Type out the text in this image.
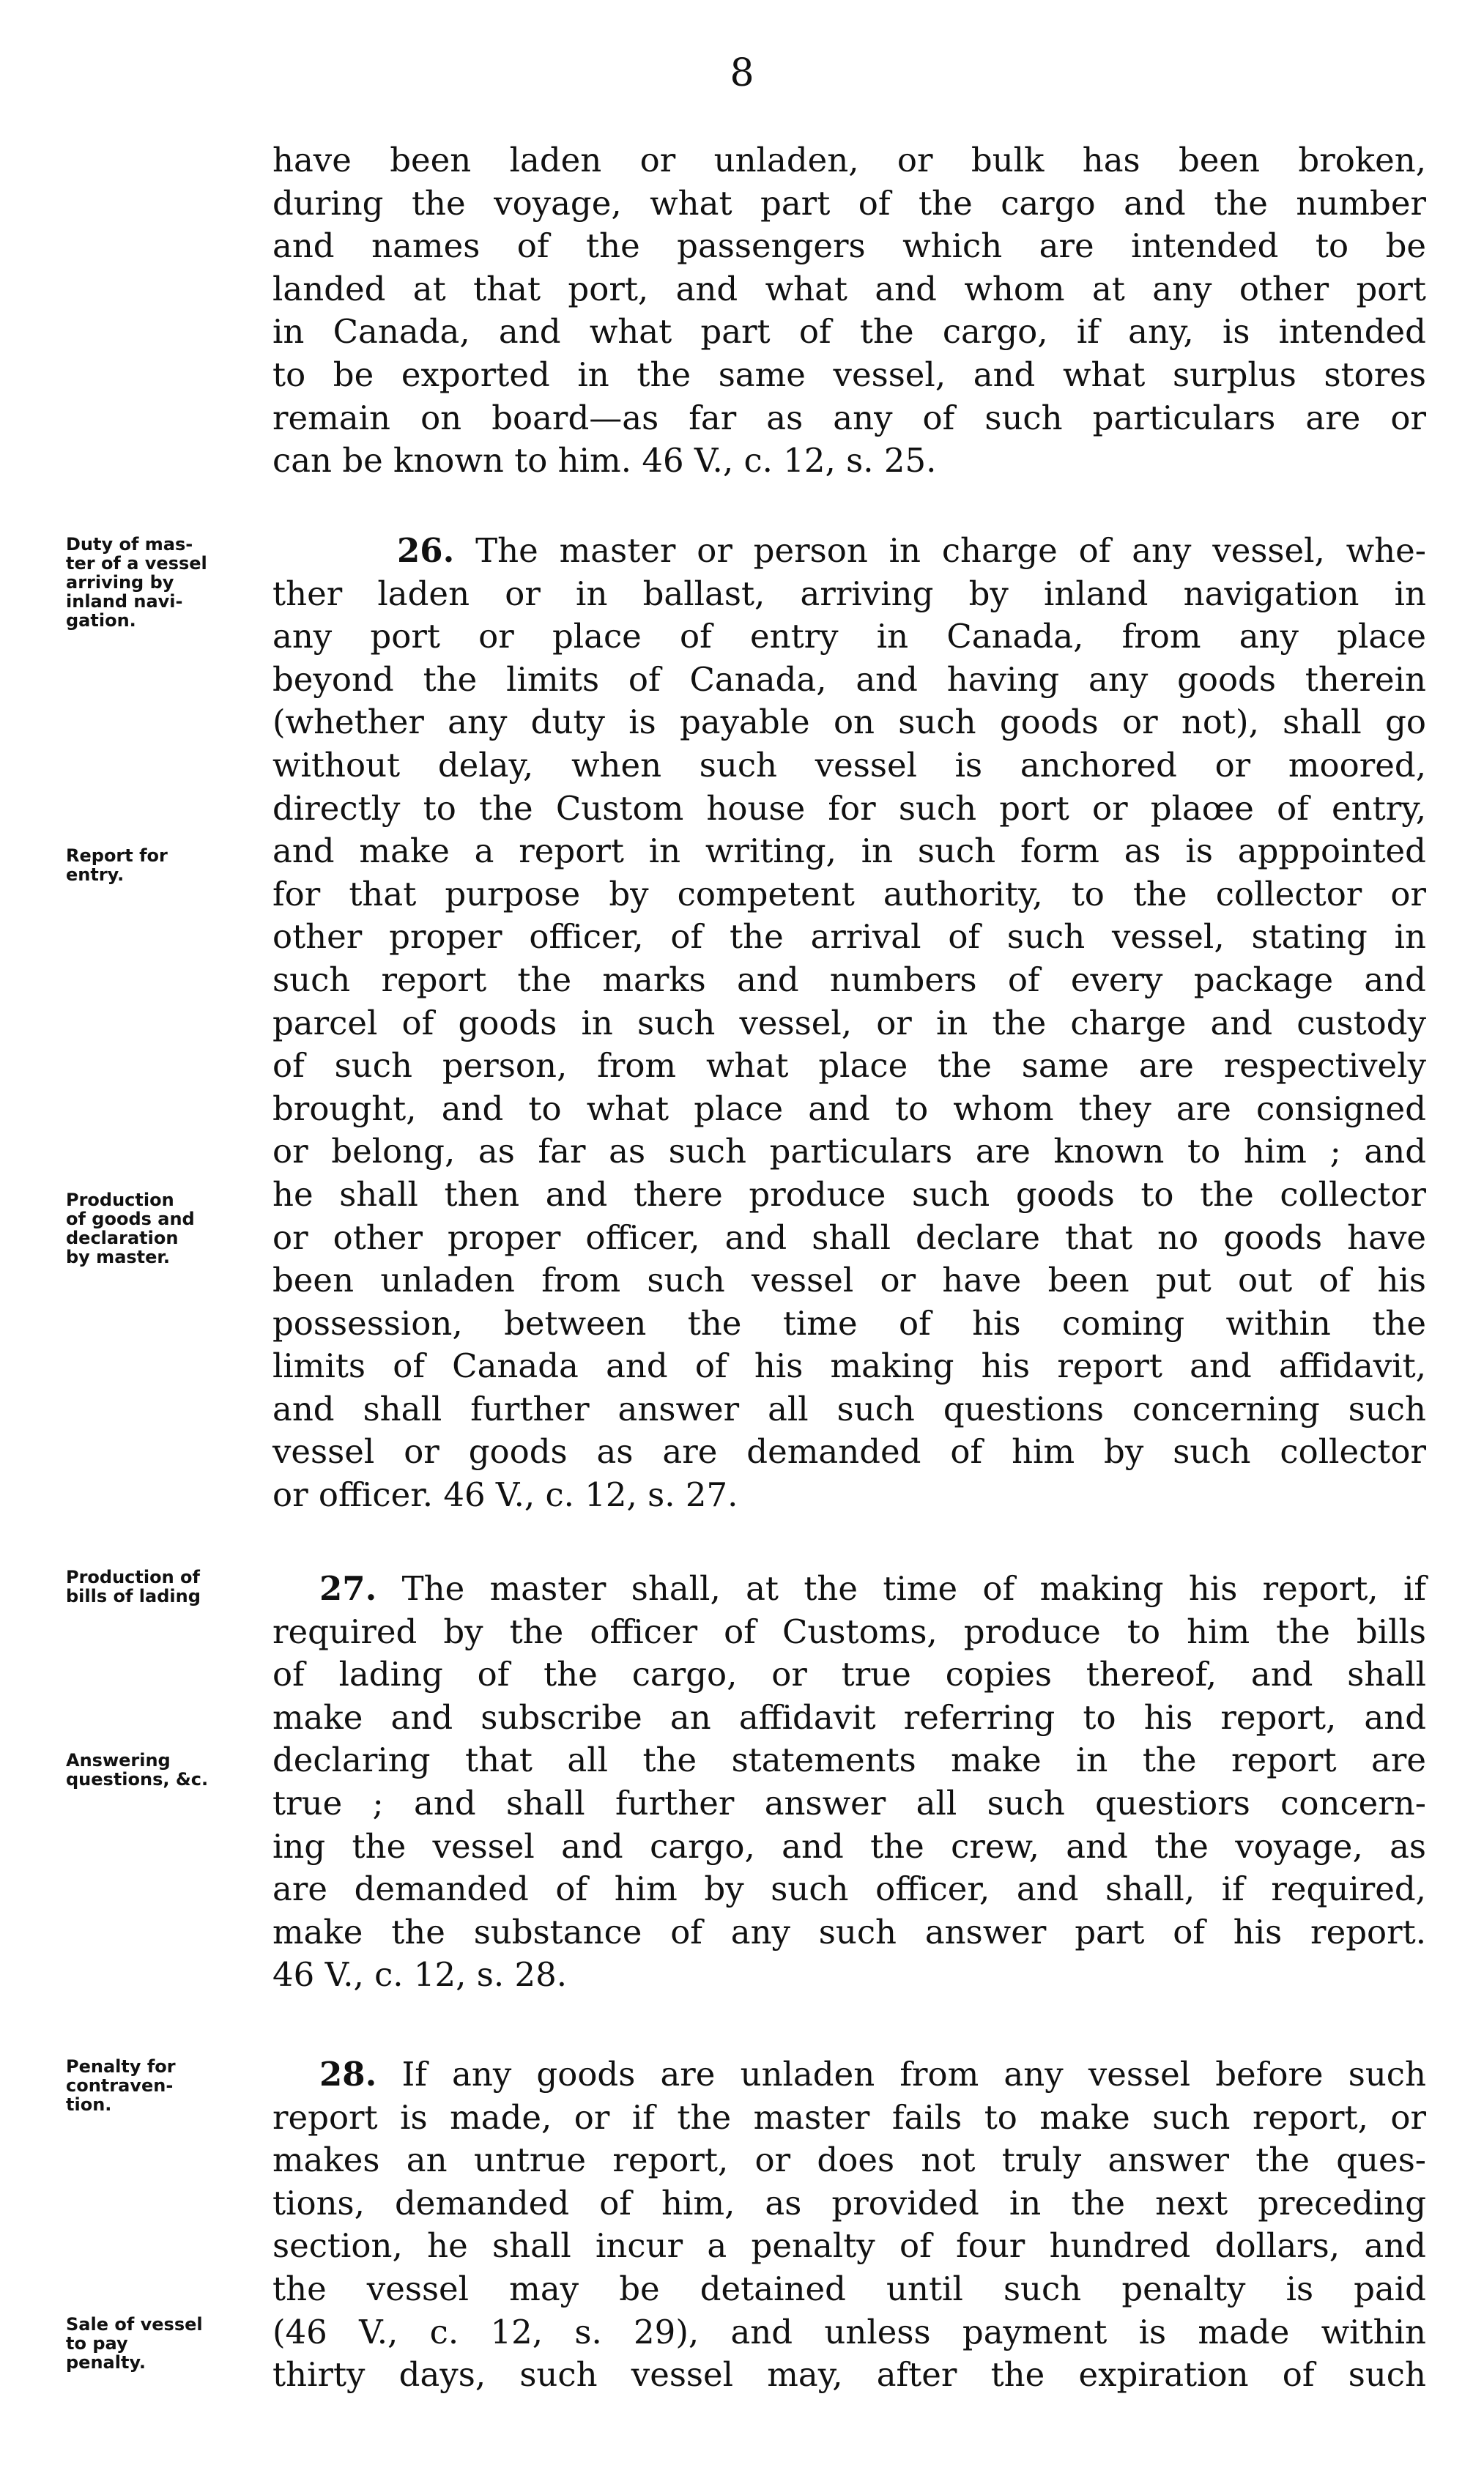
8
have been laden or unladen, or bulk has been broken,
during the voyage, what part of the cargo and the number
and names of the passengers which are intended to be
landed at that port, and what and whom at any other port
in Canada, and what part of the cargo, if any, is intended
to be exported in the same vessel, and what surplus stores
remain on board—as far as any of such particulars are or
can be known to him. 46 V., c. 12, s. 25.
26. The master or person in charge of any vessel, whe-
ther laden or in ballast, arriving by inland navigation in
any port or place of entry in Canada, from any place
beyond the limits of Canada, and having any goods therein
(whether any duty is payable on such goods or not), shall go
without delay, when such vessel is anchored or moored,
directly to the Custom house for such port or plaœe of entry,
and make a report in writing, in such form as is apppointed
for that purpose by competent authority, to the collector or
other proper officer, of the arrival of such vessel, stating in
such report the marks and numbers of every package and
parcel of goods in such vessel, or in the charge and custody
of such person, from what place the same are respectively
brought, and to what place and to whom they are consigned
or belong, as far as such particulars are known to him ; and
he shall then and there produce such goods to the collector
or other proper officer, and shall declare that no goods have
been unladen from such vessel or have been put out of his
possession, between the time of his coming within the
limits of Canada and of his making his report and affidavit,
and shall further answer all such questions concerning such
vessel or goods as are demanded of him by such collector
or officer. 46 V., c. 12, s. 27.
27. The master shall, at the time of making his report, if
required by the officer of Customs, produce to him the bills
of lading of the cargo, or true copies thereof, and shall
make and subscribe an affidavit referring to his report, and
declaring that all the statements make in the report are
true ; and shall further answer all such questiors concern-
ing the vessel and cargo, and the crew, and the voyage, as
are demanded of him by such officer, and shall, if required,
make the substance of any such answer part of his report.
46 V., c. 12, s. 28.
28. If any goods are unladen from any vessel before such
report is made, or if the master fails to make such report, or
makes an untrue report, or does not truly answer the ques-
tions, demanded of him, as provided in the next preceding
section, he shall incur a penalty of four hundred dollars, and
the vessel may be detained until such penalty is paid
(46 V., c. 12, s. 29), and unless payment is made within
thirty days, such vessel may, after the expiration of such
Duty of mas-
ter of a vessel
arriving by
inland navi-
gation.
Report for
entry.
Production
of goods and
declaration
by master.
Production of
bills of lading
Answering
questions, &c.
Penalty for
contraven-
tion.
Sale of vessel
to pay
penalty.
